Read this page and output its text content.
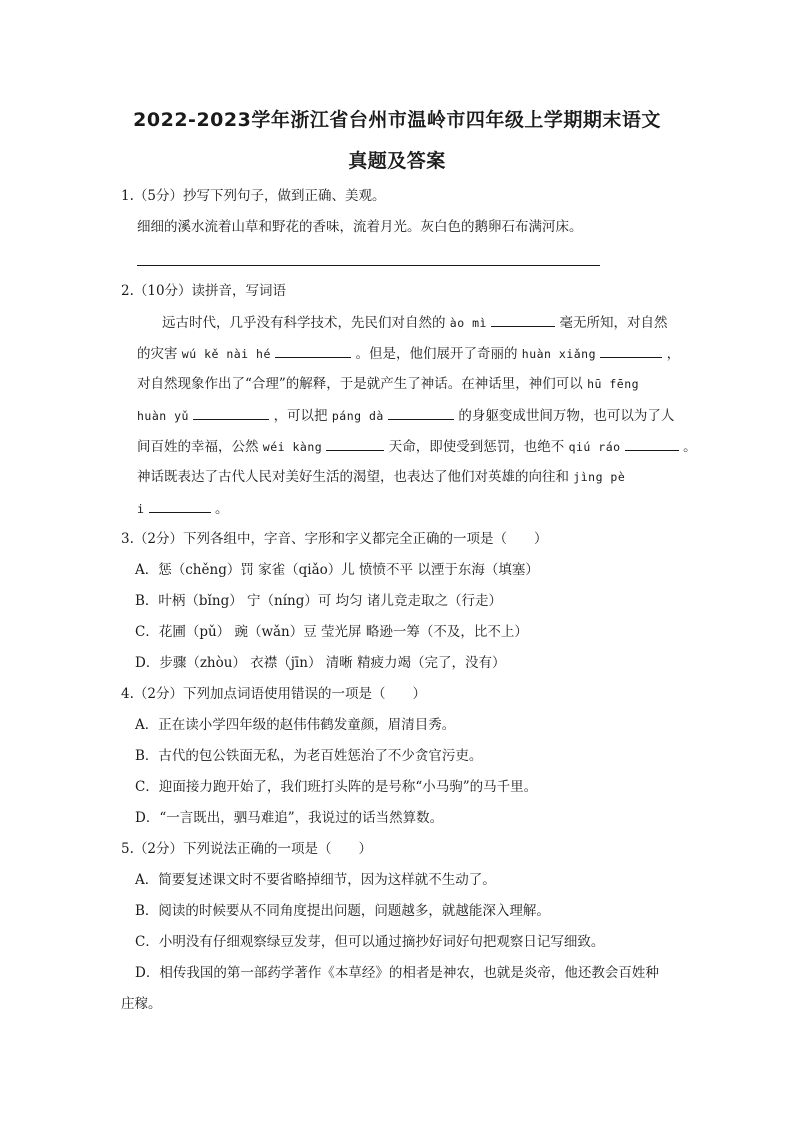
2022-2023学年浙江省台州市温岭市四年级上学期期末语文
真题及答案
1.（5分）抄写下列句子，做到正确、美观。
细细的溪水流着山草和野花的香味，流着月光。灰白色的鹅卵石布满河床。
2.（10分）读拼音，写词语
远古时代，几乎没有科学技术，先民们对自然的 ào mì	毫无所知，对自然
的灾害 wú kě nài hé	。但是，他们展开了奇丽的 huàn xiǎng	，
对自然现象作出了“合理”的解释，于是就产生了神话。在神话里，神们可以 hū fēng
huàn yǔ	，可以把 páng dà	的身躯变成世间万物，也可以为了人
间百姓的幸福，公然 wéi kàng	天命，即使受到惩罚，也绝不 qiú ráo	。
神话既表达了古代人民对美好生活的渴望，也表达了他们对英雄的向往和 jìng pè
i	。
3.（2分）下列各组中，字音、字形和字义都完全正确的一项是（　　）
A．惩（chěng）罚 家雀（qiǎo）儿 愤愤不平 以湮于东海（填塞）
B．叶柄（bǐng） 宁（níng）可 均匀 诸儿竞走取之（行走）
C．花圃（pǔ） 豌（wǎn）豆 莹光屏 略逊一筹（不及，比不上）
D．步骤（zhòu） 衣襟（jīn） 清晰 精疲力竭（完了，没有）
4.（2分）下列加点词语使用错误的一项是（　　）
A．正在读小学四年级的赵伟伟鹤发童颜，眉清目秀。
B．古代的包公铁面无私，为老百姓惩治了不少贪官污吏。
C．迎面接力跑开始了，我们班打头阵的是号称“小马驹”的马千里。
D．“一言既出，驷马难追”，我说过的话当然算数。
5.（2分）下列说法正确的一项是（　　）
A．简要复述课文时不要省略掉细节，因为这样就不生动了。
B．阅读的时候要从不同角度提出问题，问题越多，就越能深入理解。
C．小明没有仔细观察绿豆发芽，但可以通过摘抄好词好句把观察日记写细致。
D．相传我国的第一部药学著作《本草经》的相者是神农，也就是炎帝，他还教会百姓种
庄稼。
